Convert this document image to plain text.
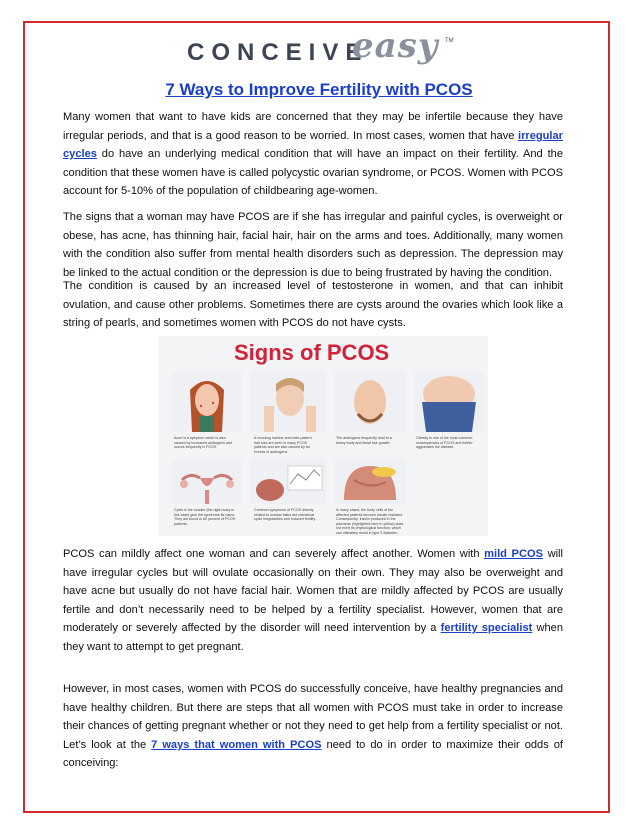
CONCEIVE
easy TM
7 Ways to Improve Fertility with PCOS

Many women that want to have kids are concerned that they may be infertile because they have irregular periods, and that is a good reason to be worried. In most cases, women that have irregular cycles do have an underlying medical condition that will have an impact on their fertility. And the condition that these women have is called polycystic ovarian syndrome, or PCOS. Women with PCOS account for 5-10% of the population of childbearing age-women.

The signs that a woman may have PCOS are if she has irregular and painful cycles, is overweight or obese, has acne, has thinning hair, facial hair, hair on the arms and toes. Additionally, many women with the condition also suffer from mental health disorders such as depression. The depression may be linked to the actual condition or the depression is due to being frustrated by having the condition.

The condition is caused by an increased level of testosterone in women, and that can inhibit ovulation, and cause other problems. Sometimes there are cysts around the ovaries which look like a string of pearls, and sometimes women with PCOS do not have cysts.

Signs of PCOS
Acne is a symptom which is also caused by increased androgens and occurs frequently in PCOS
A receding hairline and male-pattern hair loss are seen in many PCOS patients and are also caused by an excess of androgens.
The androgens frequently lead to a heavy body and facial hair growth.
Obesity is one of the most common consequences of PCOS and further aggravates the disease.
Cysts in the ovaries (the right ovary in this case) give the syndrome its name. They are found in 80 percent of PCOS patients.
Common symptoms of PCOS directly related to ovarian tasks are menstrual cycle irregularities and reduced fertility.
In many cases, the body cells of the affected patients become insulin resistant. Consequently, insulin produced in the pancreas (highlighted here in yellow) does not exert its physiological function, which can ultimately result in type 2 diabetes.

PCOS can mildly affect one woman and can severely affect another. Women with mild PCOS will have irregular cycles but will ovulate occasionally on their own. They may also be overweight and have acne but usually do not have facial hair. Women that are mildly affected by PCOS are usually fertile and don’t necessarily need to be helped by a fertility specialist. However, women that are moderately or severely affected by the disorder will need intervention by a fertility specialist when they want to attempt to get pregnant.

However, in most cases, women with PCOS do successfully conceive, have healthy pregnancies and have healthy children. But there are steps that all women with PCOS must take in order to increase their chances of getting pregnant whether or not they need to get help from a fertility specialist or not. Let’s look at the 7 ways that women with PCOS need to do in order to maximize their odds of conceiving:
